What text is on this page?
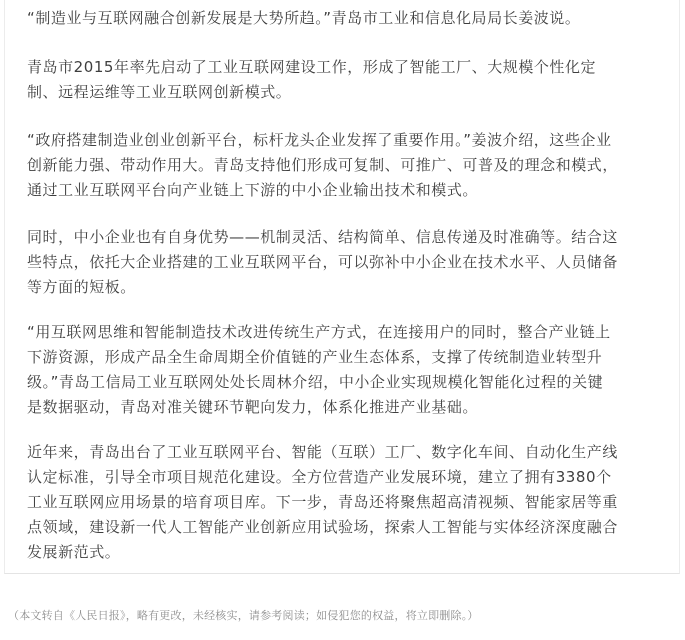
“制造业与互联网融合创新发展是大势所趋。”青岛市工业和信息化局局长姜波说。

青岛市2015年率先启动了工业互联网建设工作，形成了智能工厂、大规模个性化定
制、远程运维等工业互联网创新模式。

“政府搭建制造业创业创新平台，标杆龙头企业发挥了重要作用。”姜波介绍，这些企业
创新能力强、带动作用大。青岛支持他们形成可复制、可推广、可普及的理念和模式，
通过工业互联网平台向产业链上下游的中小企业输出技术和模式。

同时，中小企业也有自身优势——机制灵活、结构简单、信息传递及时准确等。结合这
些特点，依托大企业搭建的工业互联网平台，可以弥补中小企业在技术水平、人员储备
等方面的短板。

“用互联网思维和智能制造技术改进传统生产方式，在连接用户的同时，整合产业链上
下游资源，形成产品全生命周期全价值链的产业生态体系，支撑了传统制造业转型升
级。”青岛工信局工业互联网处处长周林介绍，中小企业实现规模化智能化过程的关键
是数据驱动，青岛对准关键环节靶向发力，体系化推进产业基础。

近年来，青岛出台了工业互联网平台、智能（互联）工厂、数字化车间、自动化生产线
认定标准，引导全市项目规范化建设。全方位营造产业发展环境，建立了拥有3380个
工业互联网应用场景的培育项目库。下一步，青岛还将聚焦超高清视频、智能家居等重
点领域，建设新一代人工智能产业创新应用试验场，探索人工智能与实体经济深度融合
发展新范式。

（本文转自《人民日报》，略有更改，未经核实，请参考阅读；如侵犯您的权益，将立即删除。）
